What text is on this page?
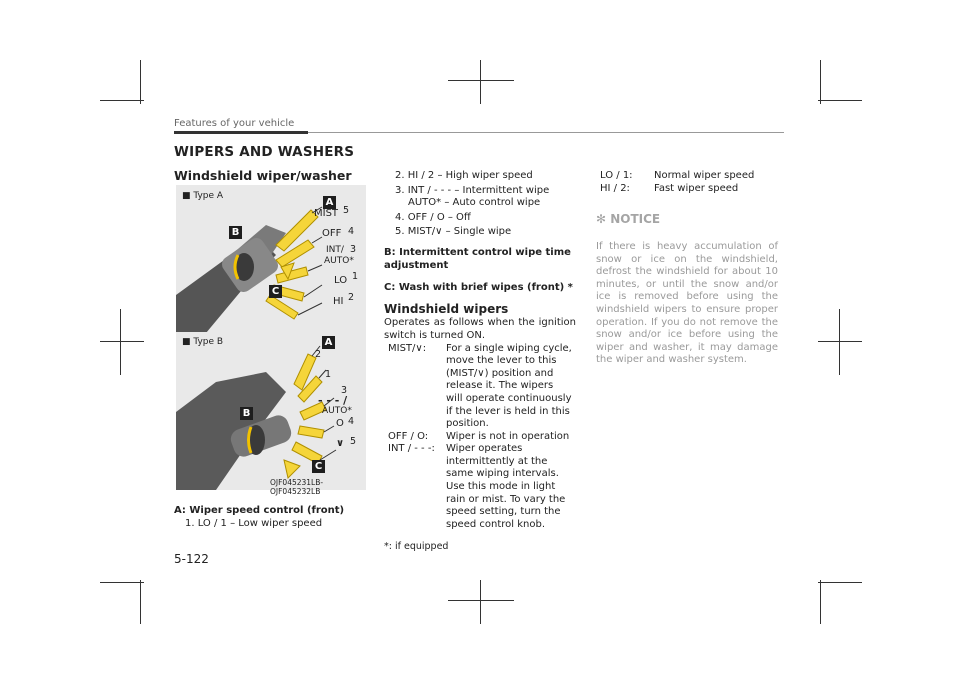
Features of your vehicle
WIPERS AND WASHERS
Windshield wiper/washer
■ Type A
A
B
C
MIST 5
OFF 4
INT/ 3
AUTO*
LO 1
HI 2
■ Type B	A
B
C
2
1
3
- - - /
AUTO*
O 4
∨ 5
OJF045231LB-OJF045232LB
A: Wiper speed control (front)
1. LO / 1 – Low wiper speed
2. HI / 2 – High wiper speed
3. INT / - - - – Intermittent wipe
AUTO* – Auto control wipe
4. OFF / O – Off
5. MIST/∨ – Single wipe
B: Intermittent control wipe time adjustment
C: Wash with brief wipes (front) *
Windshield wipers
Operates as follows when the ignition switch is turned ON.
MIST/∨:	For a single wiping cycle, move the lever to this (MIST/∨) position and release it. The wipers will operate continuously if the lever is held in this position.
OFF / O:	Wiper is not in operation
INT / - - -:	Wiper operates intermittently at the same wiping intervals. Use this mode in light rain or mist. To vary the speed setting, turn the speed control knob.
*: if equipped
LO / 1:	Normal wiper speed
HI / 2:	Fast wiper speed
✻ NOTICE
If there is heavy accumulation of snow or ice on the windshield, defrost the windshield for about 10 minutes, or until the snow and/or ice is removed before using the windshield wipers to ensure proper operation. If you do not remove the snow and/or ice before using the wiper and washer, it may damage the wiper and washer system.
5-122
